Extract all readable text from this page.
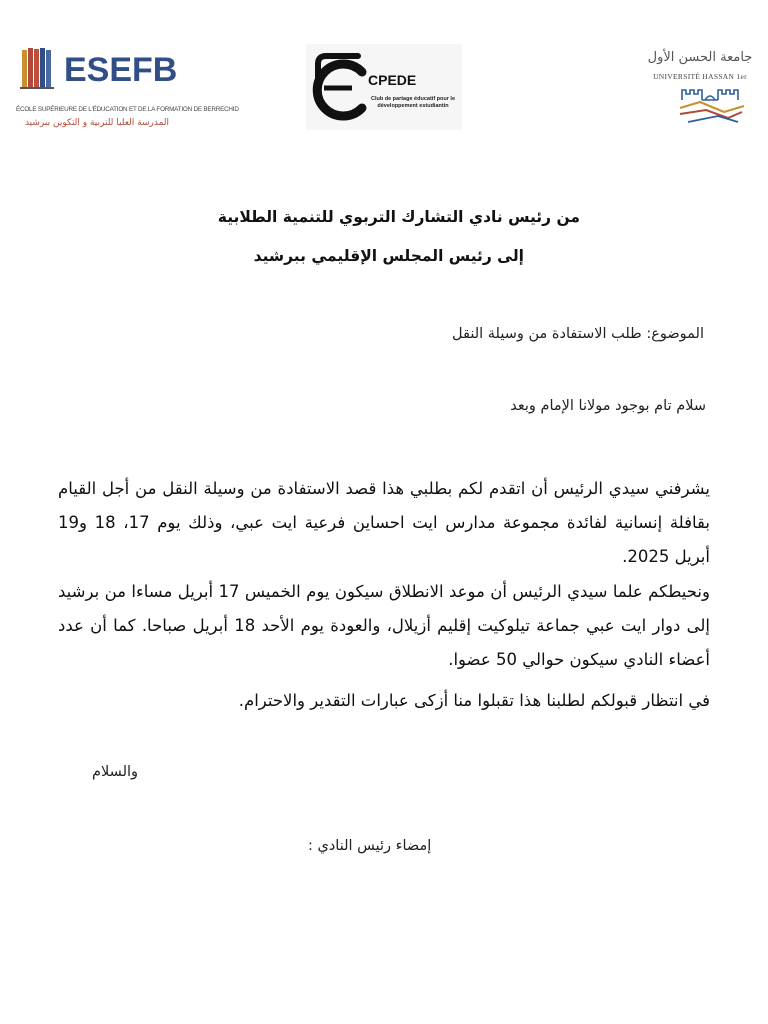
ESEFB
ÉCOLE SUPÉRIEURE DE L'ÉDUCATION ET DE LA FORMATION DE BERRECHID
المدرسة العليا للتربية و التكوين ببرشيد
CPEDE
Club de partage éducatif pour le développement estudiantin
جامعة الحسن الأول
UNIVERSITÉ HASSAN 1er
من رئيس نادي التشارك التربوي للتنمية الطلابية
إلى رئيس المجلس الإقليمي ببرشيد
الموضوع: طلب الاستفادة من وسيلة النقل
سلام تام بوجود مولانا الإمام وبعد
يشرفني سيدي الرئيس أن اتقدم لكم بطلبي هذا قصد الاستفادة من وسيلة النقل من أجل القيام بقافلة إنسانية لفائدة مجموعة مدارس ايت احساين فرعية ايت عبي، وذلك يوم 17، 18 و19 أبريل 2025.
ونحيطكم علما سيدي الرئيس أن موعد الانطلاق سيكون يوم الخميس 17 أبريل مساءا من برشيد إلى دوار ايت عبي جماعة تيلوكيت إقليم أزيلال، والعودة يوم الأحد 18 أبريل صباحا. كما أن عدد أعضاء النادي سيكون حوالي 50 عضوا.
في انتظار قبولكم لطلبنا هذا تقبلوا منا أزكى عبارات التقدير والاحترام.
والسلام
إمضاء رئيس النادي :
